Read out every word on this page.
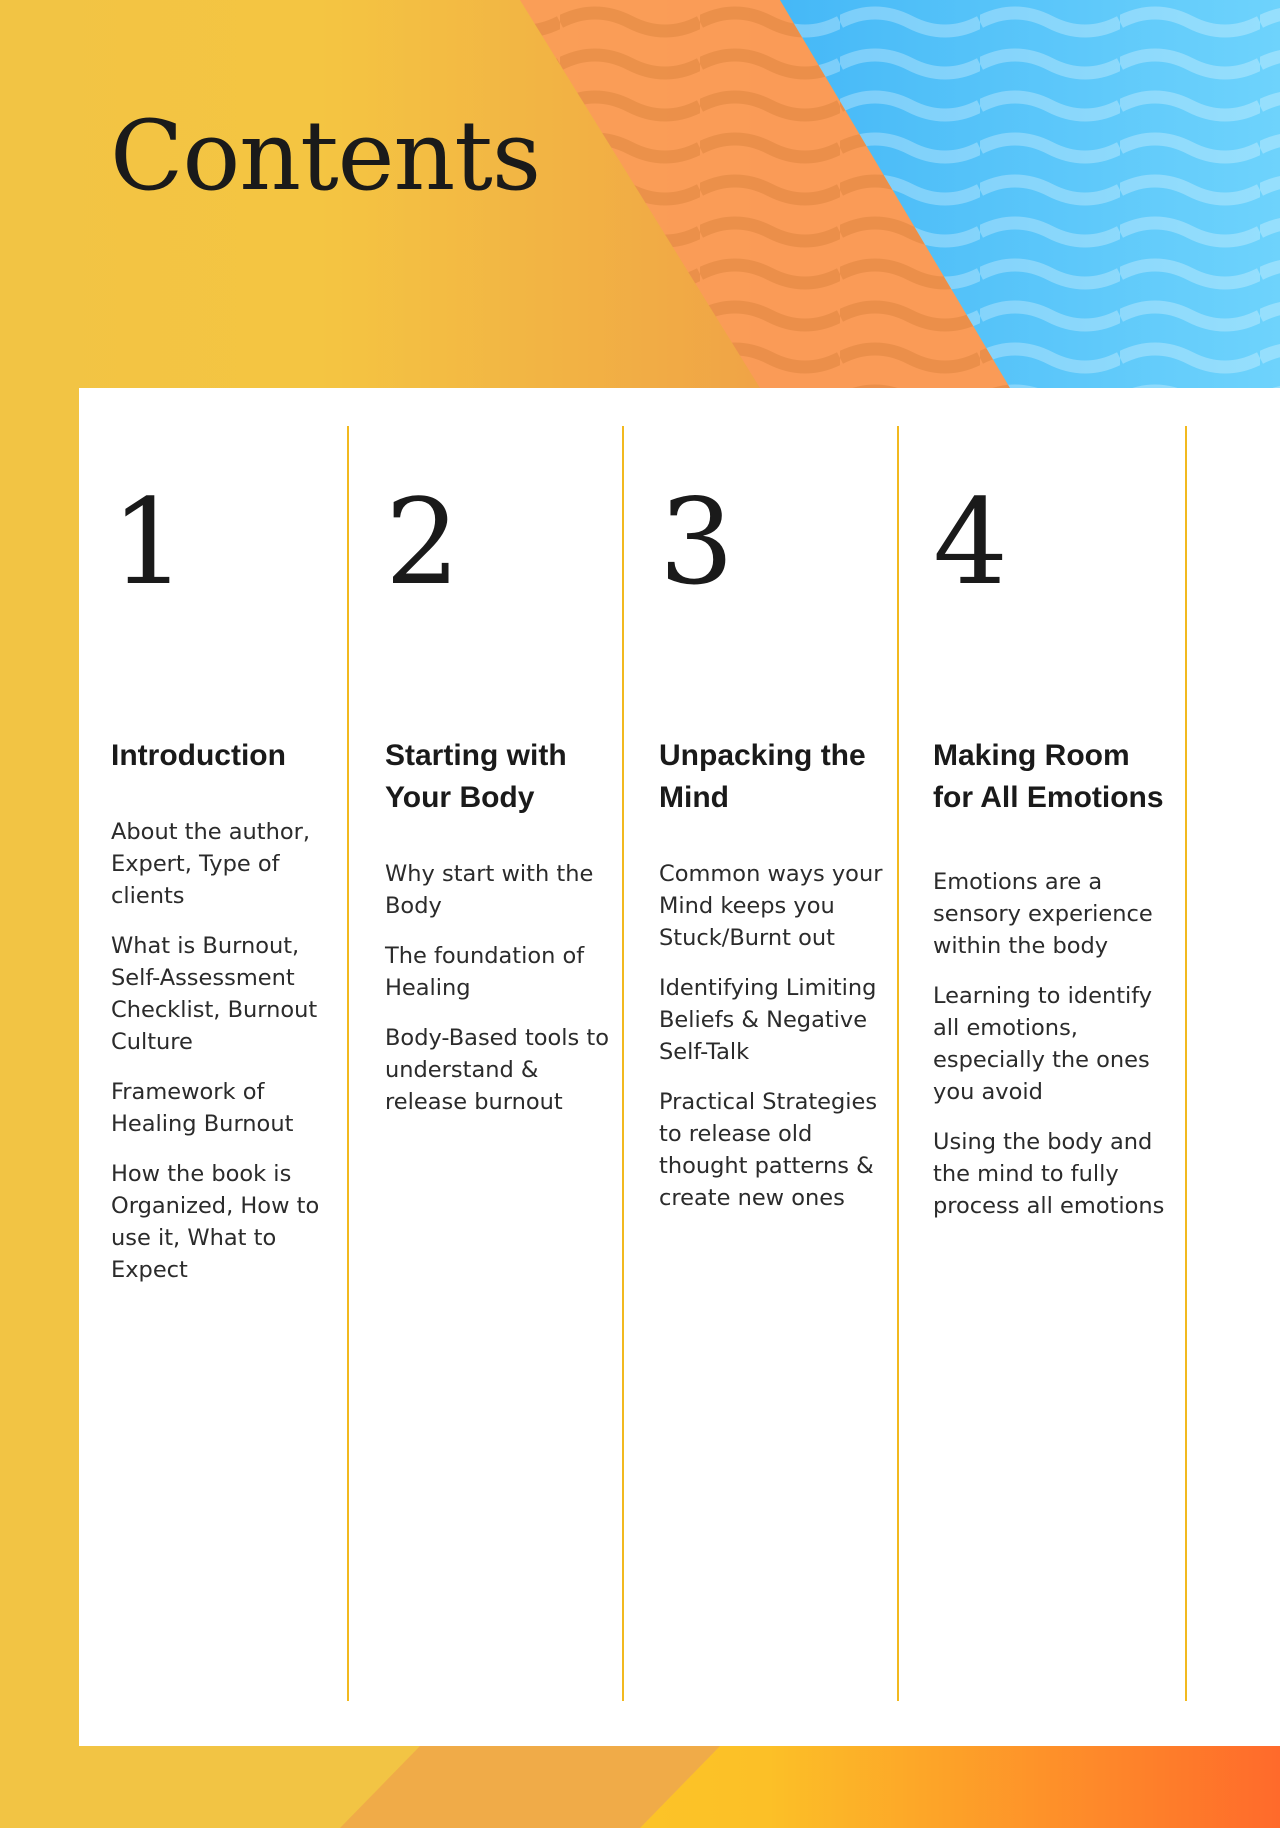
Contents
1
Introduction
About the author, Expert, Type of clients
What is Burnout, Self-Assessment Checklist, Burnout Culture
Framework of Healing Burnout
How the book is Organized, How to use it, What to Expect
2
Starting with Your Body
Why start with the Body
The foundation of Healing
Body-Based tools to understand & release burnout
3
Unpacking the Mind
Common ways your Mind keeps you Stuck/Burnt out
Identifying Limiting Beliefs & Negative Self-Talk
Practical Strategies to release old thought patterns & create new ones
4
Making Room for All Emotions
Emotions are a sensory experience within the body
Learning to identify all emotions, especially the ones you avoid
Using the body and the mind to fully process all emotions
